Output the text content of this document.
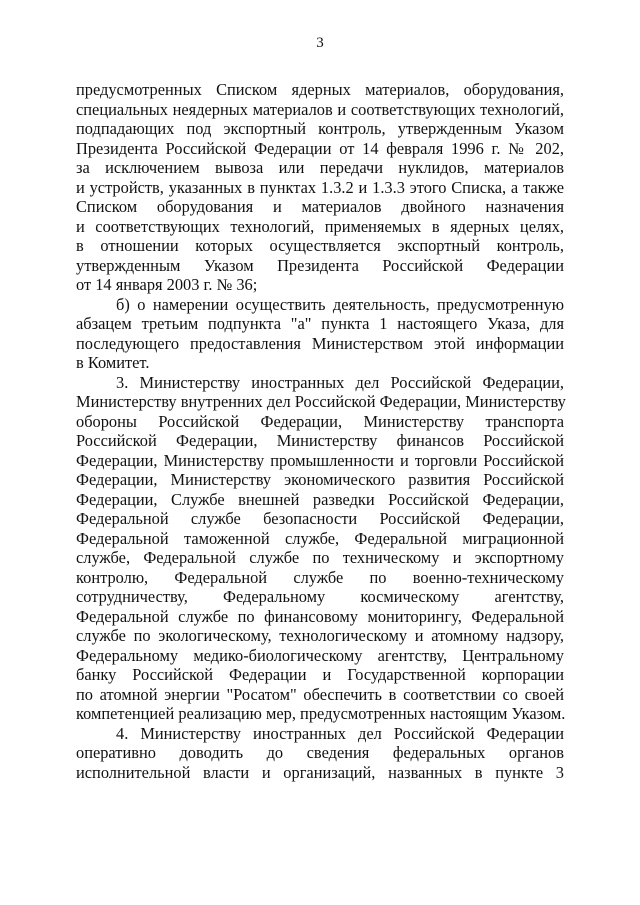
3
предусмотренных Списком ядерных материалов, оборудования,
специальных неядерных материалов и соответствующих технологий,
подпадающих под экспортный контроль, утвержденным Указом
Президента Российской Федерации от 14 февраля 1996 г. № 202,
за исключением вывоза или передачи нуклидов, материалов
и устройств, указанных в пунктах 1.3.2 и 1.3.3 этого Списка, а также
Списком оборудования и материалов двойного назначения
и соответствующих технологий, применяемых в ядерных целях,
в отношении которых осуществляется экспортный контроль,
утвержденным Указом Президента Российской Федерации
от 14 января 2003 г. № 36;
б) о намерении осуществить деятельность, предусмотренную
абзацем третьим подпункта "а" пункта 1 настоящего Указа, для
последующего предоставления Министерством этой информации
в Комитет.
3. Министерству иностранных дел Российской Федерации,
Министерству внутренних дел Российской Федерации, Министерству
обороны Российской Федерации, Министерству транспорта
Российской Федерации, Министерству финансов Российской
Федерации, Министерству промышленности и торговли Российской
Федерации, Министерству экономического развития Российской
Федерации, Службе внешней разведки Российской Федерации,
Федеральной службе безопасности Российской Федерации,
Федеральной таможенной службе, Федеральной миграционной
службе, Федеральной службе по техническому и экспортному
контролю, Федеральной службе по военно-техническому
сотрудничеству, Федеральному космическому агентству,
Федеральной службе по финансовому мониторингу, Федеральной
службе по экологическому, технологическому и атомному надзору,
Федеральному медико-биологическому агентству, Центральному
банку Российской Федерации и Государственной корпорации
по атомной энергии "Росатом" обеспечить в соответствии со своей
компетенцией реализацию мер, предусмотренных настоящим Указом.
4. Министерству иностранных дел Российской Федерации
оперативно доводить до сведения федеральных органов
исполнительной власти и организаций, названных в пункте 3
